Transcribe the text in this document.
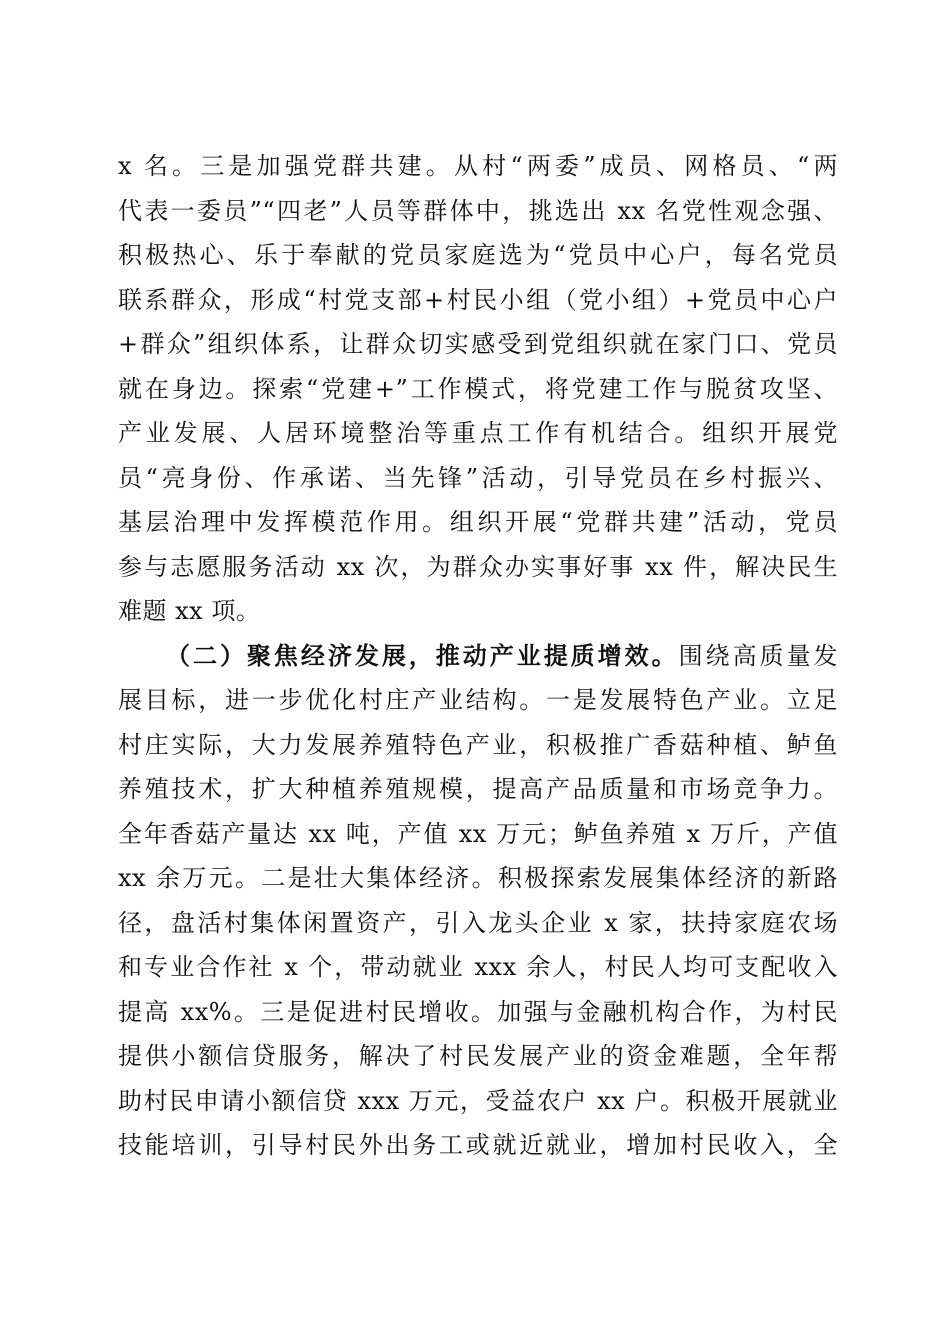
x 名。三是加强党群共建。从村“两委”成员、网格员、“两
代表一委员”“四老”人员等群体中，挑选出 xx 名党性观念强、
积极热心、乐于奉献的党员家庭选为“党员中心户，每名党员
联系群众，形成“村党支部+村民小组（党小组）+党员中心户
+群众”组织体系，让群众切实感受到党组织就在家门口、党员
就在身边。探索“党建+”工作模式，将党建工作与脱贫攻坚、
产业发展、人居环境整治等重点工作有机结合。组织开展党
员“亮身份、作承诺、当先锋”活动，引导党员在乡村振兴、
基层治理中发挥模范作用。组织开展“党群共建”活动，党员
参与志愿服务活动 xx 次，为群众办实事好事 xx 件，解决民生
难题 xx 项。
（二）聚焦经济发展，推动产业提质增效。围绕高质量发
展目标，进一步优化村庄产业结构。一是发展特色产业。立足
村庄实际，大力发展养殖特色产业，积极推广香菇种植、鲈鱼
养殖技术，扩大种植养殖规模，提高产品质量和市场竞争力。
全年香菇产量达 xx 吨，产值 xx 万元；鲈鱼养殖 x 万斤，产值
xx 余万元。二是壮大集体经济。积极探索发展集体经济的新路
径，盘活村集体闲置资产，引入龙头企业 x 家，扶持家庭农场
和专业合作社 x 个，带动就业 xxx 余人，村民人均可支配收入
提高 xx%。三是促进村民增收。加强与金融机构合作，为村民
提供小额信贷服务，解决了村民发展产业的资金难题，全年帮
助村民申请小额信贷 xxx 万元，受益农户 xx 户。积极开展就业
技能培训，引导村民外出务工或就近就业，增加村民收入，全
